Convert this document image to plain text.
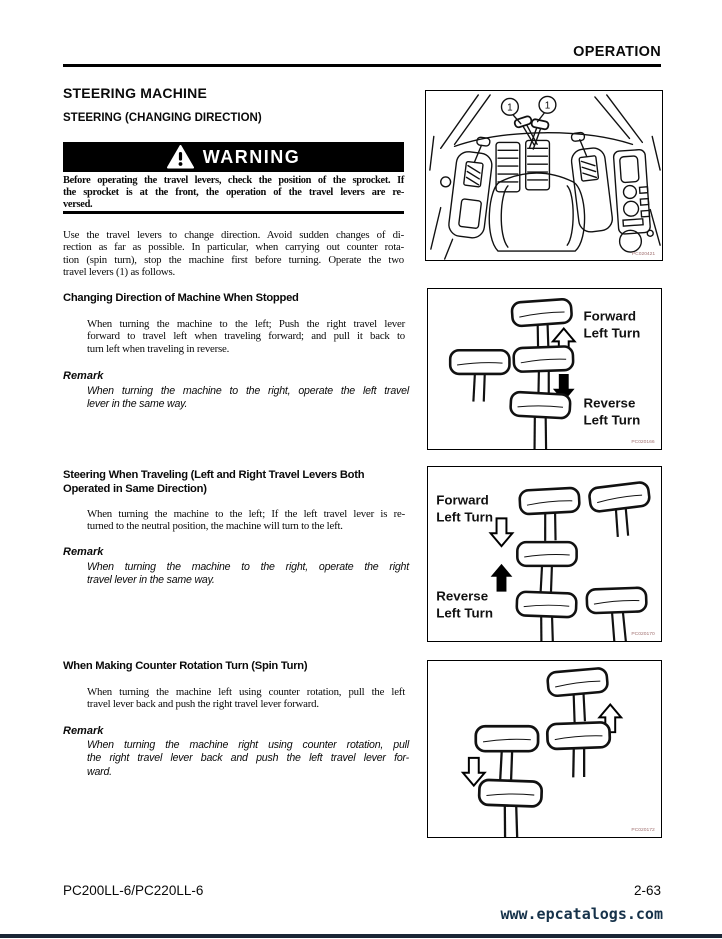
OPERATION
STEERING MACHINE
STEERING (CHANGING DIRECTION)
WARNING
Before operating the travel levers, check the position of the sprocket. If
the sprocket is at the front, the operation of the travel levers are re-
versed.
Use the travel levers to change direction. Avoid sudden changes of di-
rection as far as possible. In particular, when carrying out counter rota-
tion (spin turn), stop the machine first before turning. Operate the two
travel levers (1) as follows.
Changing Direction of Machine When Stopped
When turning the machine to the left; Push the right travel lever
forward to travel left when traveling forward; and pull it back to
turn left when traveling in reverse.
Remark
When turning the machine to the right, operate the left travel
lever in the same way.
Steering When Traveling (Left and Right Travel Levers Both
Operated in Same Direction)
When turning the machine to the left; If the left travel lever is re-
turned to the neutral position, the machine will turn to the left.
Remark
When turning the machine to the right, operate the right
travel lever in the same way.
When Making Counter Rotation Turn (Spin Turn)
When turning the machine left using counter rotation, pull the left
travel lever back and push the right travel lever forward.
Remark
When turning the machine right using counter rotation, pull
the right travel lever back and push the left travel lever for-
ward.
1	1
PC020421
Forward
Left Turn
Reverse
Left Turn
PC020166
Forward
Left Turn
Reverse
Left Turn
PC020170
PC020172
PC200LL-6/PC220LL-6	2-63
www.epcatalogs.com
